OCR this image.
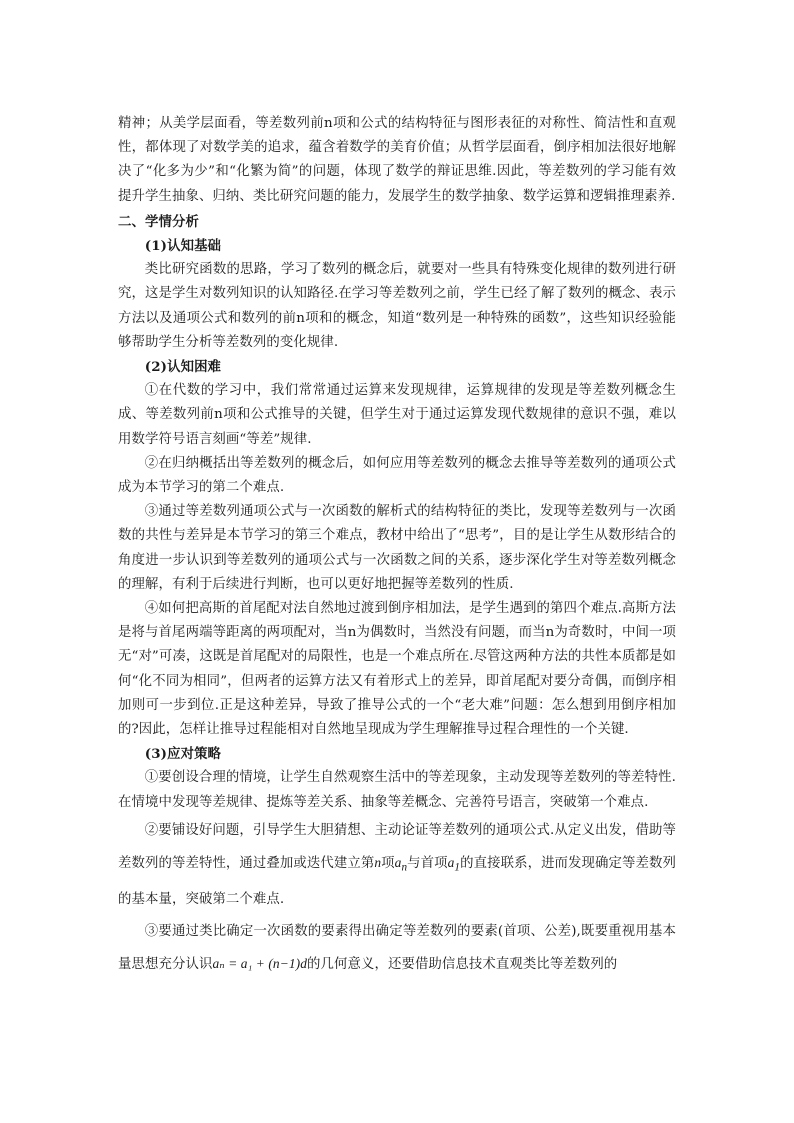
精神；从美学层面看，等差数列前n项和公式的结构特征与图形表征的对称性、简洁性和直观性，都体现了对数学美的追求，蕴含着数学的美育价值；从哲学层面看，倒序相加法很好地解决了“化多为少”和“化繁为简”的问题，体现了数学的辩证思维.因此，等差数列的学习能有效提升学生抽象、归纳、类比研究问题的能力，发展学生的数学抽象、数学运算和逻辑推理素养.

二、学情分析

(1)认知基础

类比研究函数的思路，学习了数列的概念后，就要对一些具有特殊变化规律的数列进行研究，这是学生对数列知识的认知路径.在学习等差数列之前，学生已经了解了数列的概念、表示方法以及通项公式和数列的前n项和的概念，知道“数列是一种特殊的函数”，这些知识经验能够帮助学生分析等差数列的变化规律.

(2)认知困难

①在代数的学习中，我们常常通过运算来发现规律，运算规律的发现是等差数列概念生成、等差数列前n项和公式推导的关键，但学生对于通过运算发现代数规律的意识不强，难以用数学符号语言刻画“等差”规律.

②在归纳概括出等差数列的概念后，如何应用等差数列的概念去推导等差数列的通项公式成为本节学习的第二个难点.

③通过等差数列通项公式与一次函数的解析式的结构特征的类比，发现等差数列与一次函数的共性与差异是本节学习的第三个难点，教材中给出了“思考”，目的是让学生从数形结合的角度进一步认识到等差数列的通项公式与一次函数之间的关系，逐步深化学生对等差数列概念的理解，有利于后续进行判断，也可以更好地把握等差数列的性质.

④如何把高斯的首尾配对法自然地过渡到倒序相加法，是学生遇到的第四个难点.高斯方法是将与首尾两端等距离的两项配对，当n为偶数时，当然没有问题，而当n为奇数时，中间一项无“对”可凑，这既是首尾配对的局限性，也是一个难点所在.尽管这两种方法的共性本质都是如何“化不同为相同”，但两者的运算方法又有着形式上的差异，即首尾配对要分奇偶，而倒序相加则可一步到位.正是这种差异，导致了推导公式的一个“老大难”问题：怎么想到用倒序相加的?因此，怎样让推导过程能相对自然地呈现成为学生理解推导过程合理性的一个关键.

(3)应对策略

①要创设合理的情境，让学生自然观察生活中的等差现象，主动发现等差数列的等差特性.在情境中发现等差规律、提炼等差关系、抽象等差概念、完善符号语言，突破第一个难点.

②要铺设好问题，引导学生大胆猜想、主动论证等差数列的通项公式.从定义出发，借助等差数列的等差特性，通过叠加或迭代建立第n项$a_n$与首项$a_1$的直接联系，进而发现确定等差数列的基本量，突破第二个难点.

③要通过类比确定一次函数的要素得出确定等差数列的要素(首项、公差),既要重视用基本量思想充分认识aₙ = a₁ + (n−1)d的几何意义，还要借助信息技术直观类比等差数列的
